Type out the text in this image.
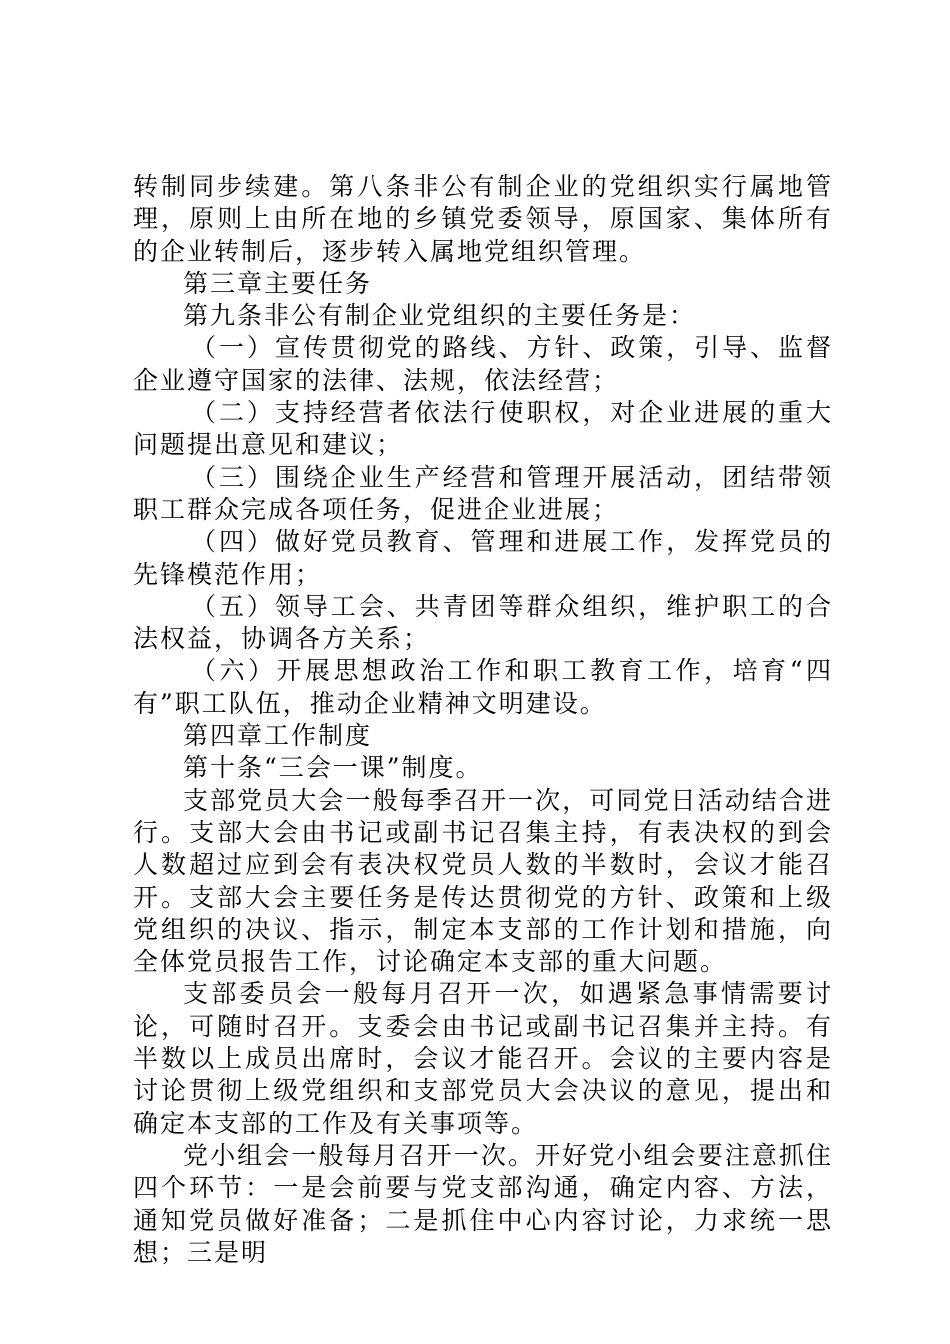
转制同步续建。第八条非公有制企业的党组织实行属地管理，原则上由所在地的乡镇党委领导，原国家、集体所有的企业转制后，逐步转入属地党组织管理。

第三章主要任务

第九条非公有制企业党组织的主要任务是：

（一）宣传贯彻党的路线、方针、政策，引导、监督企业遵守国家的法律、法规，依法经营；

（二）支持经营者依法行使职权，对企业进展的重大问题提出意见和建议；

（三）围绕企业生产经营和管理开展活动，团结带领职工群众完成各项任务，促进企业进展；

（四）做好党员教育、管理和进展工作，发挥党员的先锋模范作用；

（五）领导工会、共青团等群众组织，维护职工的合法权益，协调各方关系；

（六）开展思想政治工作和职工教育工作，培育“四有”职工队伍，推动企业精神文明建设。

第四章工作制度

第十条“三会一课”制度。

支部党员大会一般每季召开一次，可同党日活动结合进行。支部大会由书记或副书记召集主持，有表决权的到会人数超过应到会有表决权党员人数的半数时，会议才能召开。支部大会主要任务是传达贯彻党的方针、政策和上级党组织的决议、指示，制定本支部的工作计划和措施，向全体党员报告工作，讨论确定本支部的重大问题。

支部委员会一般每月召开一次，如遇紧急事情需要讨论，可随时召开。支委会由书记或副书记召集并主持。有半数以上成员出席时，会议才能召开。会议的主要内容是讨论贯彻上级党组织和支部党员大会决议的意见，提出和确定本支部的工作及有关事项等。

党小组会一般每月召开一次。开好党小组会要注意抓住四个环节：一是会前要与党支部沟通，确定内容、方法，通知党员做好准备；二是抓住中心内容讨论，力求统一思想；三是明
